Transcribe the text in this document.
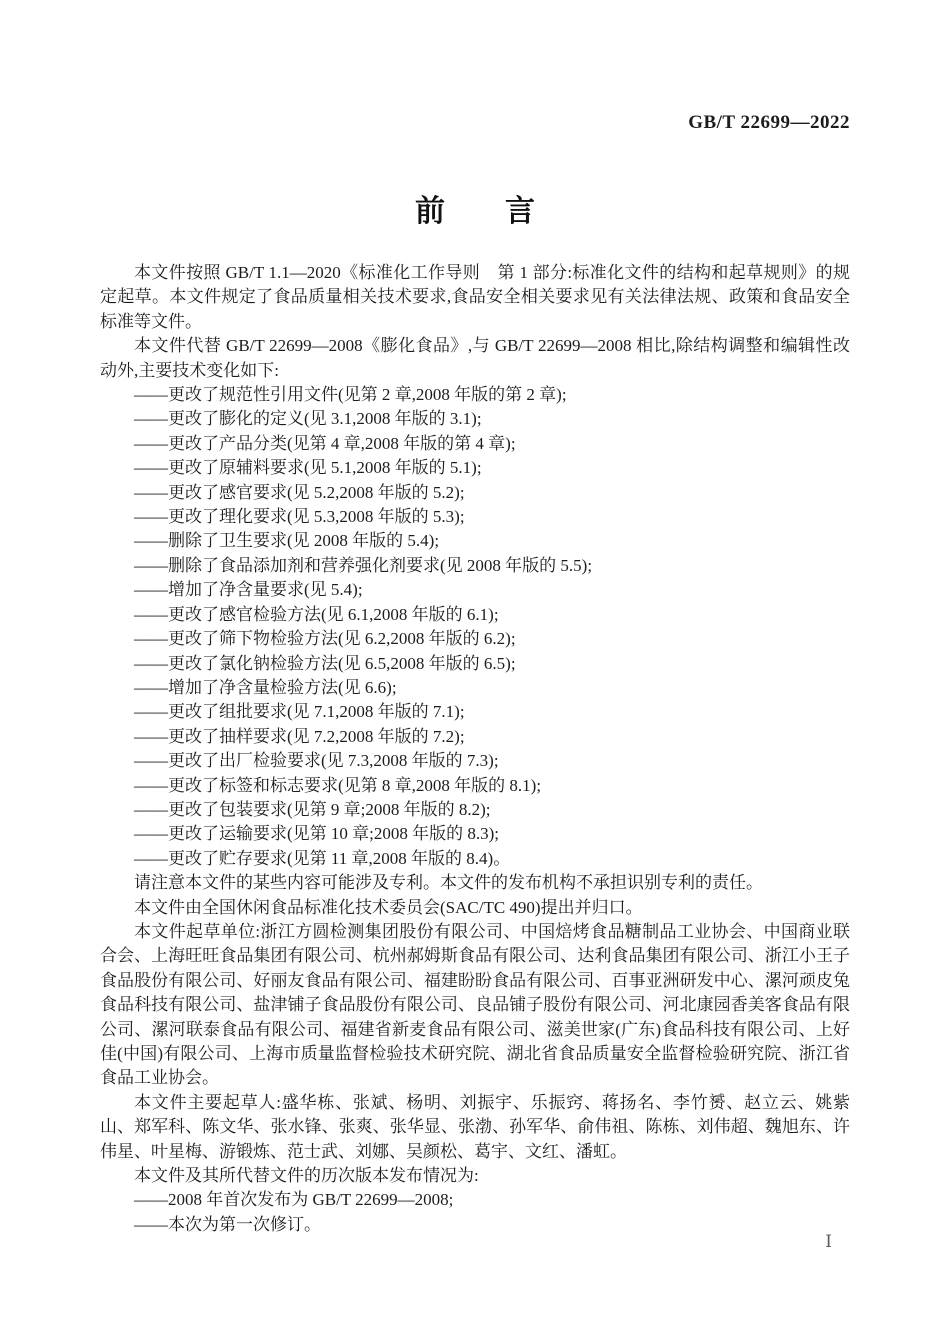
GB/T 22699—2022
前　　言

本文件按照 GB/T 1.1—2020《标准化工作导则　第 1 部分:标准化文件的结构和起草规则》的规定起草。本文件规定了食品质量相关技术要求,食品安全相关要求见有关法律法规、政策和食品安全标准等文件。

本文件代替 GB/T 22699—2008《膨化食品》,与 GB/T 22699—2008 相比,除结构调整和编辑性改动外,主要技术变化如下:

——更改了规范性引用文件(见第 2 章,2008 年版的第 2 章);

——更改了膨化的定义(见 3.1,2008 年版的 3.1);

——更改了产品分类(见第 4 章,2008 年版的第 4 章);

——更改了原辅料要求(见 5.1,2008 年版的 5.1);

——更改了感官要求(见 5.2,2008 年版的 5.2);

——更改了理化要求(见 5.3,2008 年版的 5.3);

——删除了卫生要求(见 2008 年版的 5.4);

——删除了食品添加剂和营养强化剂要求(见 2008 年版的 5.5);

——增加了净含量要求(见 5.4);

——更改了感官检验方法(见 6.1,2008 年版的 6.1);

——更改了筛下物检验方法(见 6.2,2008 年版的 6.2);

——更改了氯化钠检验方法(见 6.5,2008 年版的 6.5);

——增加了净含量检验方法(见 6.6);

——更改了组批要求(见 7.1,2008 年版的 7.1);

——更改了抽样要求(见 7.2,2008 年版的 7.2);

——更改了出厂检验要求(见 7.3,2008 年版的 7.3);

——更改了标签和标志要求(见第 8 章,2008 年版的 8.1);

——更改了包装要求(见第 9 章;2008 年版的 8.2);

——更改了运输要求(见第 10 章;2008 年版的 8.3);

——更改了贮存要求(见第 11 章,2008 年版的 8.4)。

请注意本文件的某些内容可能涉及专利。本文件的发布机构不承担识别专利的责任。

本文件由全国休闲食品标准化技术委员会(SAC/TC 490)提出并归口。

本文件起草单位:浙江方圆检测集团股份有限公司、中国焙烤食品糖制品工业协会、中国商业联合会、上海旺旺食品集团有限公司、杭州郝姆斯食品有限公司、达利食品集团有限公司、浙江小王子食品股份有限公司、好丽友食品有限公司、福建盼盼食品有限公司、百事亚洲研发中心、漯河顽皮兔食品科技有限公司、盐津铺子食品股份有限公司、良品铺子股份有限公司、河北康园香美客食品有限公司、漯河联泰食品有限公司、福建省新麦食品有限公司、滋美世家(广东)食品科技有限公司、上好佳(中国)有限公司、上海市质量监督检验技术研究院、湖北省食品质量安全监督检验研究院、浙江省食品工业协会。

本文件主要起草人:盛华栋、张斌、杨明、刘振宇、乐振窍、蒋扬名、李竹赟、赵立云、姚紫山、郑军科、陈文华、张水锋、张爽、张华显、张渤、孙军华、俞伟祖、陈栋、刘伟超、魏旭东、许伟星、叶星梅、游锻炼、范士武、刘娜、吴颜松、葛宇、文红、潘虹。

本文件及其所代替文件的历次版本发布情况为:

——2008 年首次发布为 GB/T 22699—2008;

——本次为第一次修订。

Ⅰ
